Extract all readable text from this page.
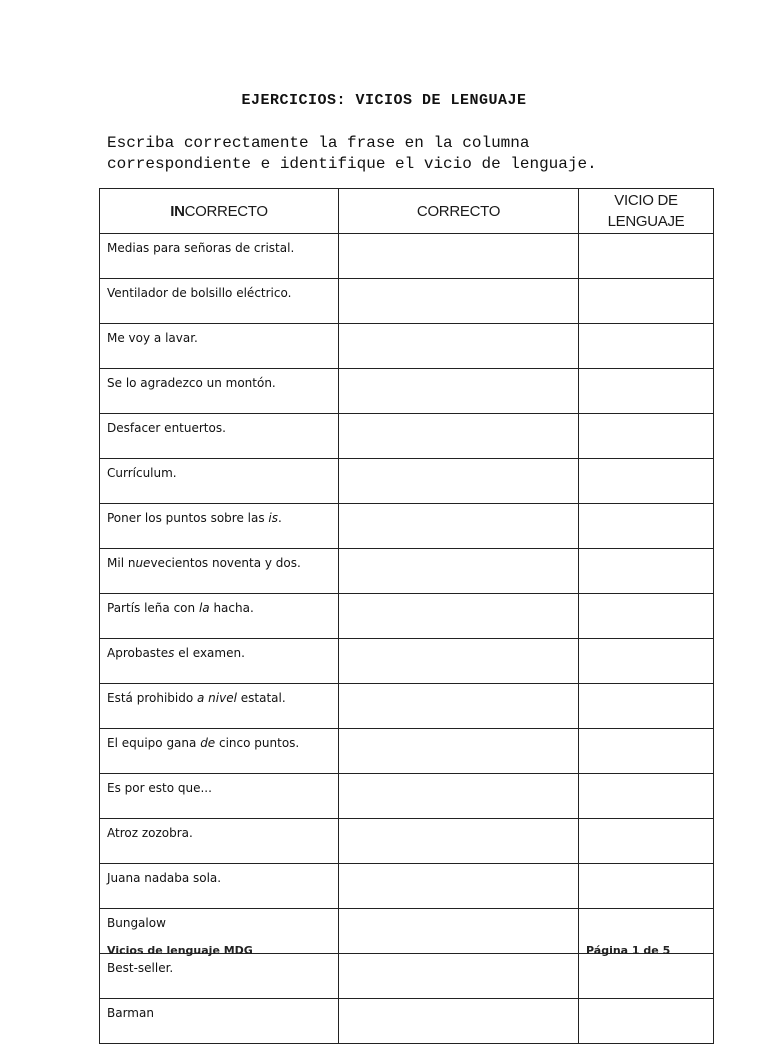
EJERCICIOS: VICIOS DE LENGUAJE
Escriba correctamente la frase en la columna
correspondiente e identifique el vicio de lenguaje.
INCORRECTO	CORRECTO	VICIO DE
LENGUAJE
Medias para señoras de cristal.		
Ventilador de bolsillo eléctrico.		
Me voy a lavar.		
Se lo agradezco un montón.		
Desfacer entuertos.		
Currículum.		
Poner los puntos sobre las is.		
Mil nuevecientos noventa y dos.		
Partís leña con la hacha.		
Aprobastes el examen.		
Está prohibido a nivel estatal.		
El equipo gana de cinco puntos.		
Es por esto que...		
Atroz zozobra.		
Juana nadaba sola.		
Bungalow		
Best-seller.		
Barman		
Vicios de lenguaje MDG	Página 1 de 5
